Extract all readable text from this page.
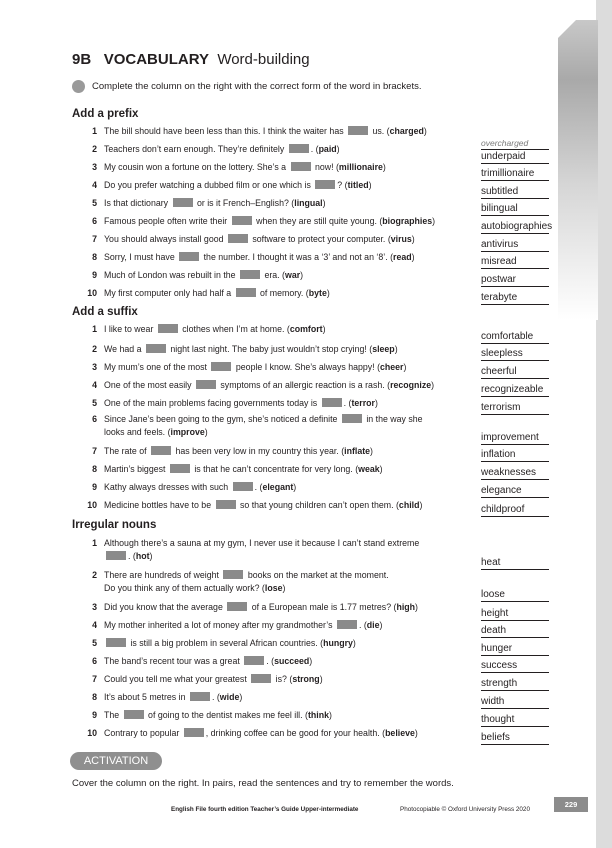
9B VOCABULARY Word-building
Complete the column on the right with the correct form of the word in brackets.
Add a prefix
1 The bill should have been less than this. I think the waiter has	us. (charged)
overcharged
2 Teachers don’t earn enough. They’re definitely	. (paid)
underpaid
3 My cousin won a fortune on the lottery. She’s a	now! (millionaire)
trimillionaire
4 Do you prefer watching a dubbed film or one which is	? (titled)
subtitled
5 Is that dictionary	or is it French–English? (lingual)	bilingual
6 Famous people often write their	when they are still quite young. (biographies)	autobiographies
7 You should always install good	software to protect your computer. (virus)	antivirus
8 Sorry, I must have	the number. I thought it was a ‘3’ and not an ‘8’. (read)	misread
9 Much of London was rebuilt in the	era. (war)	postwar
10 My first computer only had half a	of memory. (byte)	terabyte
Add a suffix
1 I like to wear	clothes when I’m at home. (comfort)
comfortable
2 We had a	night last night. The baby just wouldn’t stop crying! (sleep)	sleepless
3 My mum’s one of the most	people I know. She’s always happy! (cheer)	cheerful
4 One of the most easily	symptoms of an allergic reaction is a rash. (recognize)	recognizeable
5 One of the main problems facing governments today is	. (terror)	terrorism
6 Since Jane’s been going to the gym, she’s noticed a definite	in the way she
looks and feels. (improve)	improvement
7 The rate of	has been very low in my country this year. (inflate)	inflation
8 Martin’s biggest	is that he can’t concentrate for very long. (weak)	weaknesses
9 Kathy always dresses with such	. (elegant)	elegance
10 Medicine bottles have to be	so that young children can’t open them. (child)	childproof
Irregular nouns
1 Although there’s a sauna at my gym, I never use it because I can’t stand extreme
. (hot)
heat
2 There are hundreds of weight	books on the market at the moment.
Do you think any of them actually work? (lose)
loose
3 Did you know that the average	of a European male is 1.77 metres? (high)
height
4 My mother inherited a lot of money after my grandmother’s	. (die)	death
5	is still a big problem in several African countries. (hungry)	hunger
6 The band’s recent tour was a great	. (succeed)	success
7 Could you tell me what your greatest	is? (strong)	strength
8 It’s about 5 metres in	. (wide)	width
9 The	of going to the dentist makes me feel ill. (think)	thought
10 Contrary to popular	, drinking coffee can be good for your health. (believe)	beliefs
ACTIVATION
Cover the column on the right. In pairs, read the sentences and try to remember the words.
English File fourth edition Teacher’s Guide Upper-intermediate	Photocopiable © Oxford University Press 2020
229
